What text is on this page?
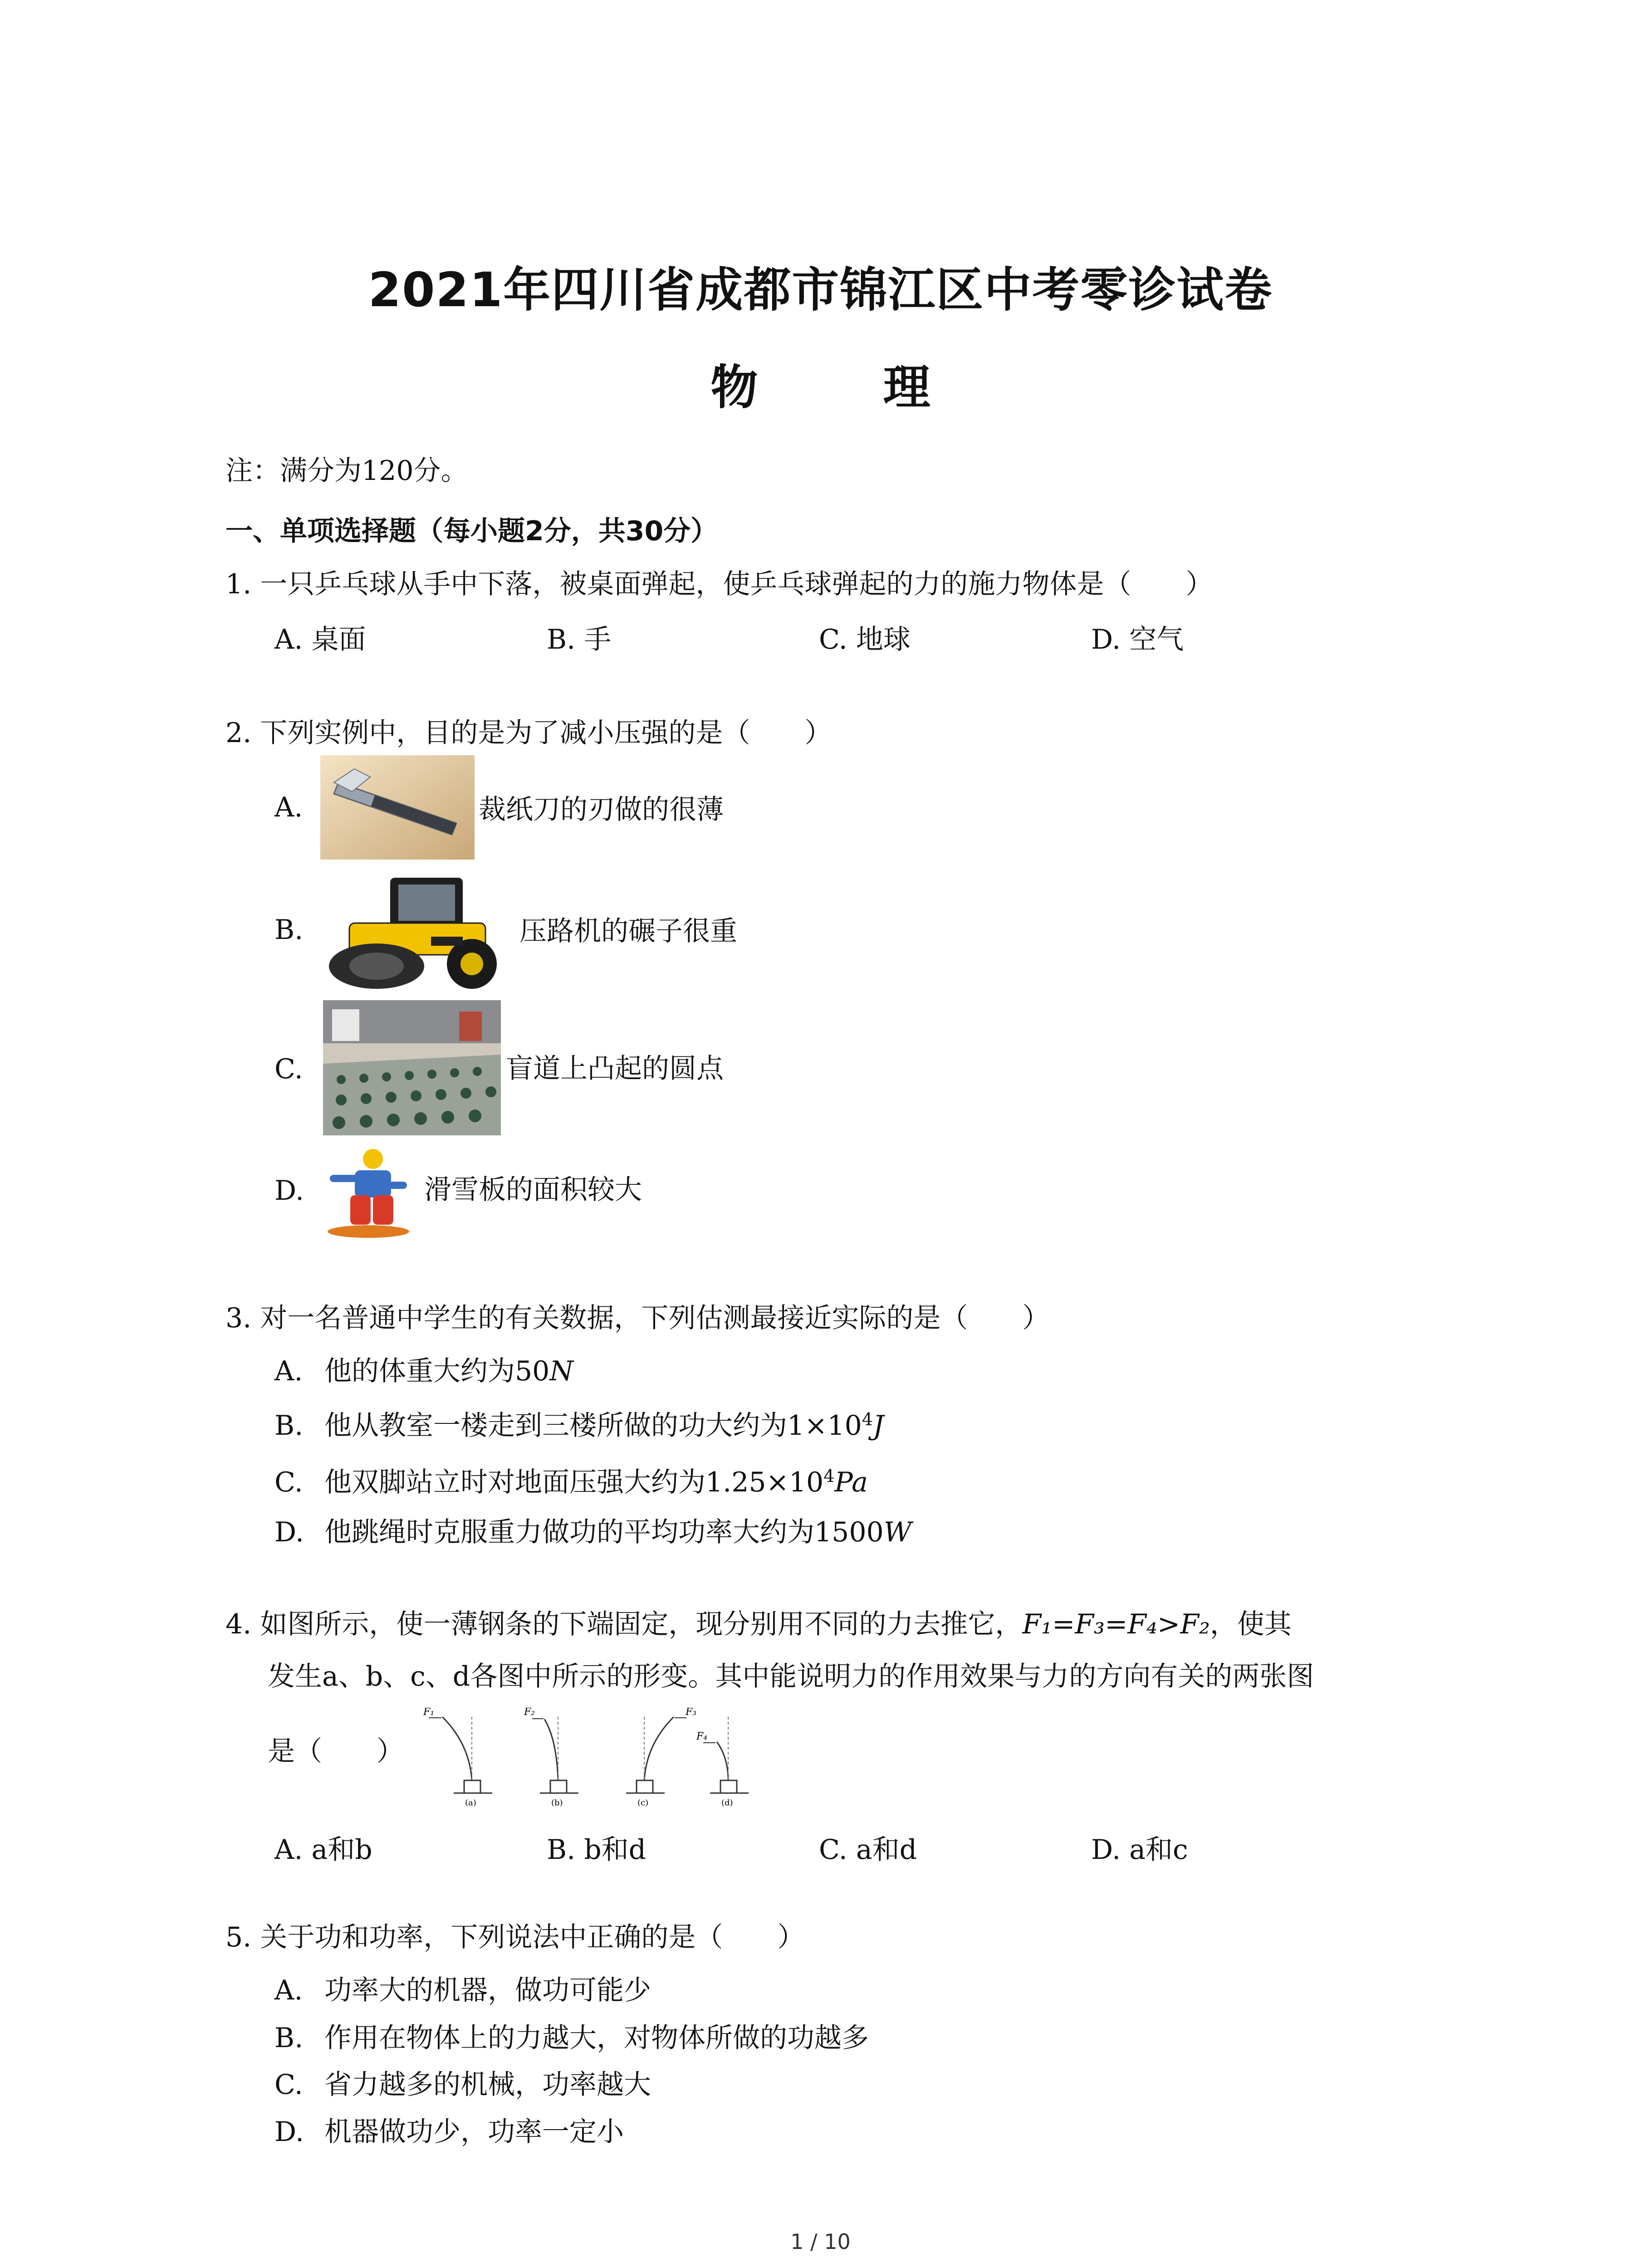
2021年四川省成都市锦江区中考零诊试卷
物 理
注：满分为120分。
一、单项选择题（每小题2分，共30分）
1. 一只乒乓球从手中下落，被桌面弹起，使乒乓球弹起的力的施力物体是（　　）
A. 桌面	B. 手	C. 地球	D. 空气
2. 下列实例中，目的是为了减小压强的是（　　）
A.	裁纸刀的刃做的很薄
B.	压路机的碾子很重
C.	盲道上凸起的圆点
D.	滑雪板的面积较大
3. 对一名普通中学生的有关数据，下列估测最接近实际的是（　　）
A. 他的体重大约为50N
B. 他从教室一楼走到三楼所做的功大约为$1\times 10^4J$
C. 他双脚站立时对地面压强大约为$1.25\times 10^4Pa$
D. 他跳绳时克服重力做功的平均功率大约为1500W
4. 如图所示，使一薄钢条的下端固定，现分别用不同的力去推它，F₁=F₃=F₄>F₂，使其
发生a、b、c、d各图中所示的形变。其中能说明力的作用效果与力的方向有关的两张图
是（　　）
F₁
(a)
F₂
(b)
F₃
(c)
F₄
(d)
A. a和b	B. b和d	C. a和d	D. a和c
5. 关于功和功率，下列说法中正确的是（　　）
A. 功率大的机器，做功可能少
B. 作用在物体上的力越大，对物体所做的功越多
C. 省力越多的机械，功率越大
D. 机器做功少，功率一定小
1 / 10
